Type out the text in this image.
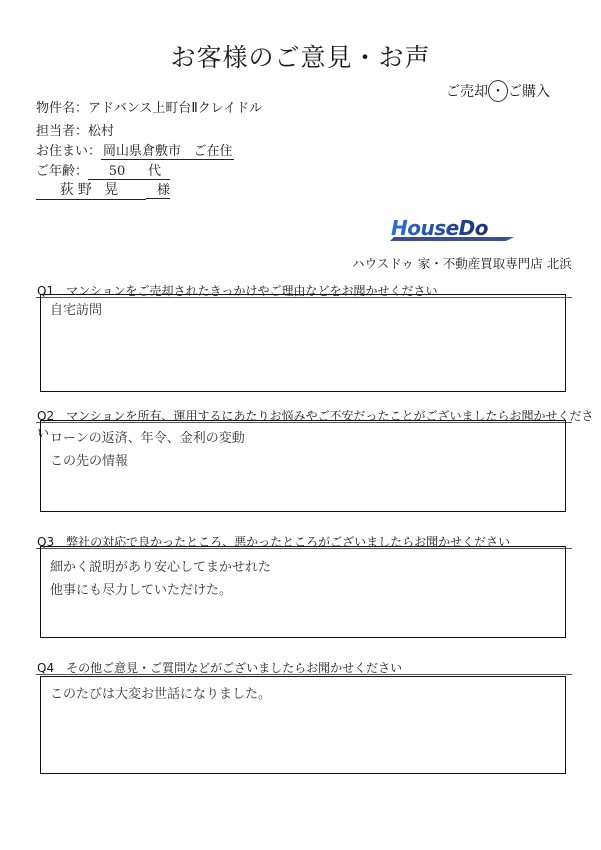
お客様のご意見・お声
ご売却 ・ ご購入
物件名：アドバンス上町台Ⅱクレイドル
担当者：松村
お住まい： 岡山県倉敷市 ご在住
ご年齢： 50 代
荻野 晃	様
HouseDo
ハウスドゥ 家・不動産買取専門店 北浜
Q1　マンションをご売却されたきっかけやご理由などをお聞かせください
自宅訪問
Q2　マンションを所有、運用するにあたりお悩みやご不安だったことがございましたらお聞かせください ローンの返済、年令、金利の変動
この先の情報
Q3　弊社の対応で良かったところ、悪かったところがございましたらお聞かせください
細かく説明があり安心してまかせれた
他事にも尽力していただけた。
Q4　その他ご意見・ご質問などがございましたらお聞かせください
このたびは大変お世話になりました。
